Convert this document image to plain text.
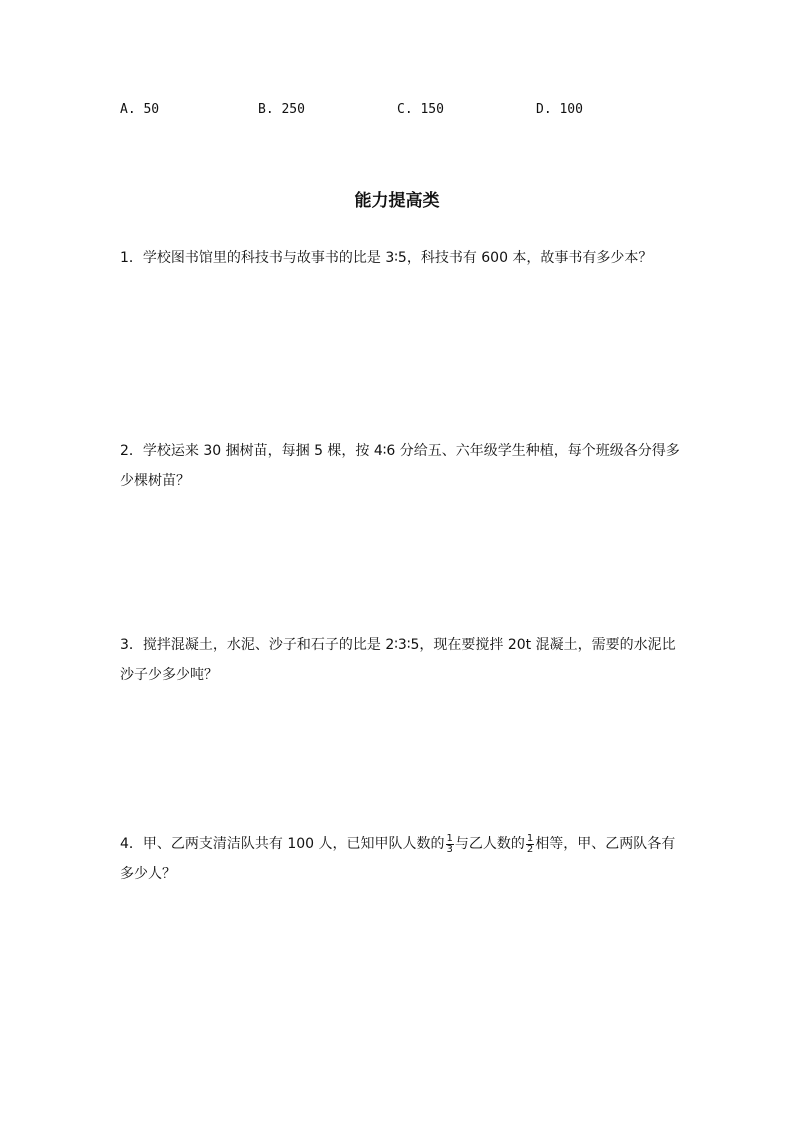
A. 50	B. 250	C. 150	D. 100
能力提高类

1．学校图书馆里的科技书与故事书的比是 3∶5，科技书有 600 本，故事书有多少本？

2．学校运来 30 捆树苗，每捆 5 棵，按 4∶6 分给五、六年级学生种植，每个班级各分得多少棵树苗？

3．搅拌混凝土，水泥、沙子和石子的比是 2∶3∶5，现在要搅拌 20t 混凝土，需要的水泥比沙子少多少吨？

4．甲、乙两支清洁队共有 100 人，已知甲队人数的 $\frac{1}{3}$ 与乙人数的 $\frac{1}{2}$ 相等，甲、乙两队各有多少人？
